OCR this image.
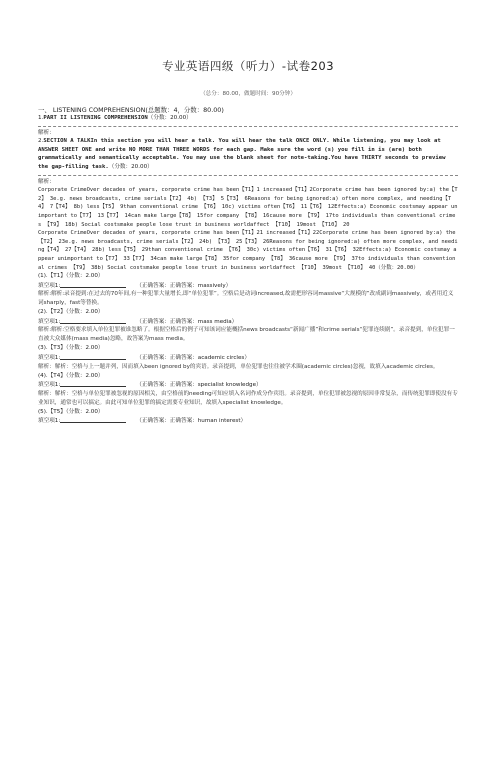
专业英语四级（听力）-试卷203
（总分：80.00，做题时间：90分钟）
一、 LISTENING COMPREHENSION(总题数：4，分数：80.00)

1.PART II LISTENING COMPREHENSION（分数：20.00）

解析：

2.SECTION A TALKIn this section you will hear a talk. You will hear the talk ONCE ONLY. While listening, you may look at ANSWER SHEET ONE and write NO MORE THAN THREE WORDS for each gap. Make sure the word (s) you fill in is (are) both grammatically and semantically acceptable. You may use the blank sheet for note-taking.You have THIRTY seconds to preview the gap-filling task.（分数：20.00）

解析：
Corporate CrimeOver decades of years, corporate crime has been【T1】1 increased【T1】2Corporate crime has been ignored by:a) the【T2】 3e.g. news broadcasts, crime serials【T2】 4b) 【T3】 5【T3】 6Reasons for being ignored:a) often more complex, and needing【T4】 7【T4】 8b) less【T5】 9than conventional crime 【T6】 10c) victims often【T6】 11【T6】 12Effects:a) Economic costsmay appear unimportant to【T7】 13【T7】 14can make large【T8】 15for company 【T8】 16cause more 【T9】 17to individuals than conventional crimes 【T9】 18b) Social costsmake people lose trust in business worldaffect 【T10】 19most 【T10】 20
Corporate CrimeOver decades of years, corporate crime has been【T1】21 increased【T1】22Corporate crime has been ignored by:a) the【T2】 23e.g. news broadcasts, crime serials【T2】 24b) 【T3】 25【T3】 26Reasons for being ignored:a) often more complex, and needing【T4】 27【T4】 28b) less【T5】 29than conventional crime 【T6】 30c) victims often【T6】 31【T6】 32Effects:a) Economic costsmay appear unimportant to【T7】 33【T7】 34can make large【T8】 35for company 【T8】 36cause more 【T9】 37to individuals than conventional crimes 【T9】 38b) Social costsmake people lose trust in business worldaffect 【T10】 39most 【T10】 40（分数：20.00）
(1).【T1】（分数：2.00）
填空项1:	（正确答案：正确答案：massively）
解析:解析:录音提到:在过去的70年间,有一种犯罪大量增长,即“单位犯罪”。空格后是动词increased,故需把形容词massive“大规模的”改成副词massively，或者用近义词sharply，fast等替换。
(2).【T2】（分数：2.00）
填空项1:	（正确答案：正确答案：mass media）
解析:解析:空格要求填入单位犯罪被谁忽略了。根据空格后的例子可知该词应能概括news broadcasts“新闻广播”和crime serials“犯罪连续剧”。录音提到，单位犯罪一直被大众媒体(mass media)忽略，故答案为mass media。
(3).【T3】（分数：2.00）
填空项1:	（正确答案：正确答案：academic circles）
解析：解析：空格与上一题并列，因而填入been ignored by的宾语。录音提到，单位犯罪也往往被学术圈(academic circles)忽视，故填入academic circles。
(4).【T4】（分数：2.00）
填空项1:	（正确答案：正确答案：specialist knowledge）
解析：解析：空格与单位犯罪被忽视的原因相关，由空格前的needing可知应填入名词作成分作宾语。录音提到，单位犯罪被忽视的原因非常复杂，而传统犯罪即使没有专业知识，通常也可以搞定。由此可知单位犯罪的搞定需要专业知识，故填入specialist knowledge。
(5).【T5】（分数：2.00）
填空项1:	（正确答案：正确答案：human interest）
